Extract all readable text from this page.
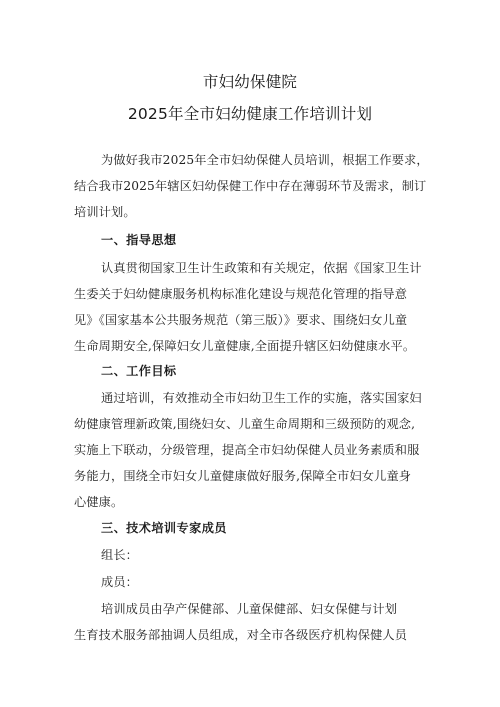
市妇幼保健院
2025年全市妇幼健康工作培训计划
为做好我市2025年全市妇幼保健人员培训，根据工作要求，
结合我市2025年辖区妇幼保健工作中存在薄弱环节及需求，制订
培训计划。
一、指导思想
认真贯彻国家卫生计生政策和有关规定，依据《国家卫生计
生委关于妇幼健康服务机构标准化建设与规范化管理的指导意
见》《国家基本公共服务规范（第三版）》要求、围绕妇女儿童
生命周期安全,保障妇女儿童健康,全面提升辖区妇幼健康水平。
二、工作目标
通过培训，有效推动全市妇幼卫生工作的实施，落实国家妇
幼健康管理新政策,围绕妇女、儿童生命周期和三级预防的观念,
实施上下联动，分级管理，提高全市妇幼保健人员业务素质和服
务能力，围绕全市妇女儿童健康做好服务,保障全市妇女儿童身
心健康。
三、技术培训专家成员
组长：
成员：
培训成员由孕产保健部、儿童保健部、妇女保健与计划
生育技术服务部抽调人员组成，对全市各级医疗机构保健人员
